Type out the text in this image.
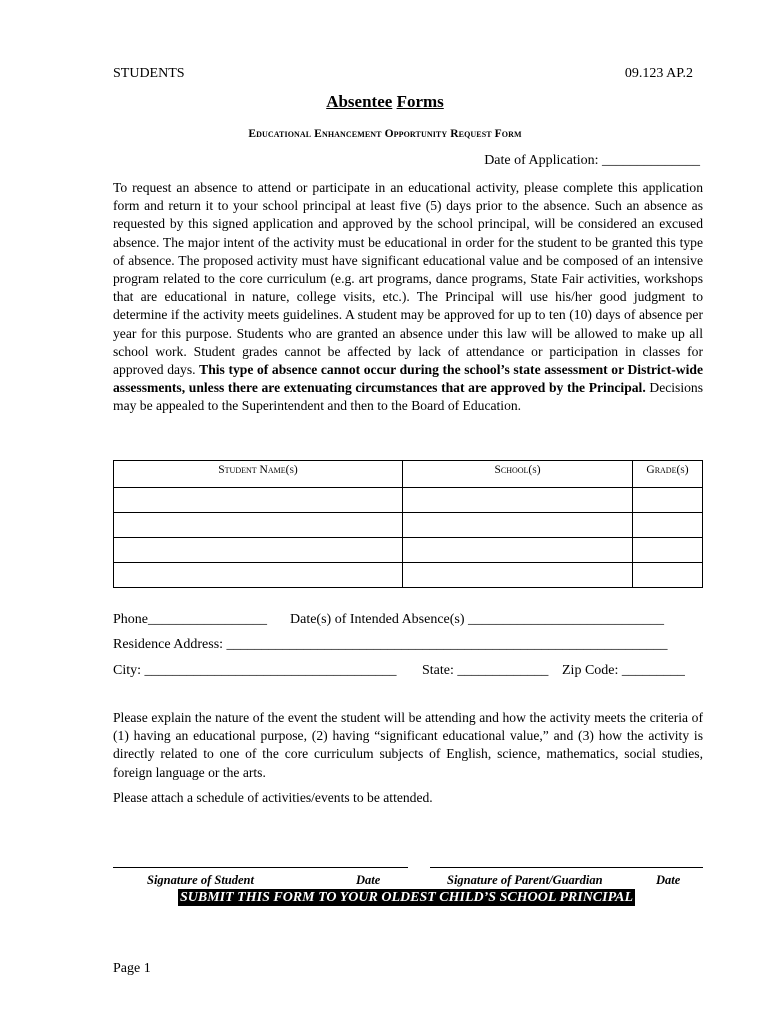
STUDENTS	09.123 AP.2
Absentee Forms
Educational Enhancement Opportunity Request Form
Date of Application: ______________
To request an absence to attend or participate in an educational activity, please complete this application form and return it to your school principal at least five (5) days prior to the absence. Such an absence as requested by this signed application and approved by the school principal, will be considered an excused absence. The major intent of the activity must be educational in order for the student to be granted this type of absence. The proposed activity must have significant educational value and be composed of an intensive program related to the core curriculum (e.g. art programs, dance programs, State Fair activities, workshops that are educational in nature, college visits, etc.). The Principal will use his/her good judgment to determine if the activity meets guidelines. A student may be approved for up to ten (10) days of absence per year for this purpose. Students who are granted an absence under this law will be allowed to make up all school work. Student grades cannot be affected by lack of attendance or participation in classes for approved days. This type of absence cannot occur during the school’s state assessment or District-wide assessments, unless there are extenuating circumstances that are approved by the Principal. Decisions may be appealed to the Superintendent and then to the Board of Education.
Student Name(s)	School(s)	Grade(s)

Phone_________________ Date(s) of Intended Absence(s) ____________________________
Residence Address: _______________________________________________________________
City: ____________________________________ State: _____________ Zip Code: _________
Please explain the nature of the event the student will be attending and how the activity meets the criteria of (1) having an educational purpose, (2) having “significant educational value,” and (3) how the activity is directly related to one of the core curriculum subjects of English, science, mathematics, social studies, foreign language or the arts.
Please attach a schedule of activities/events to be attended.
Signature of Student	Date	Signature of Parent/Guardian	Date
SUBMIT THIS FORM TO YOUR OLDEST CHILD’S SCHOOL PRINCIPAL
Page 1
